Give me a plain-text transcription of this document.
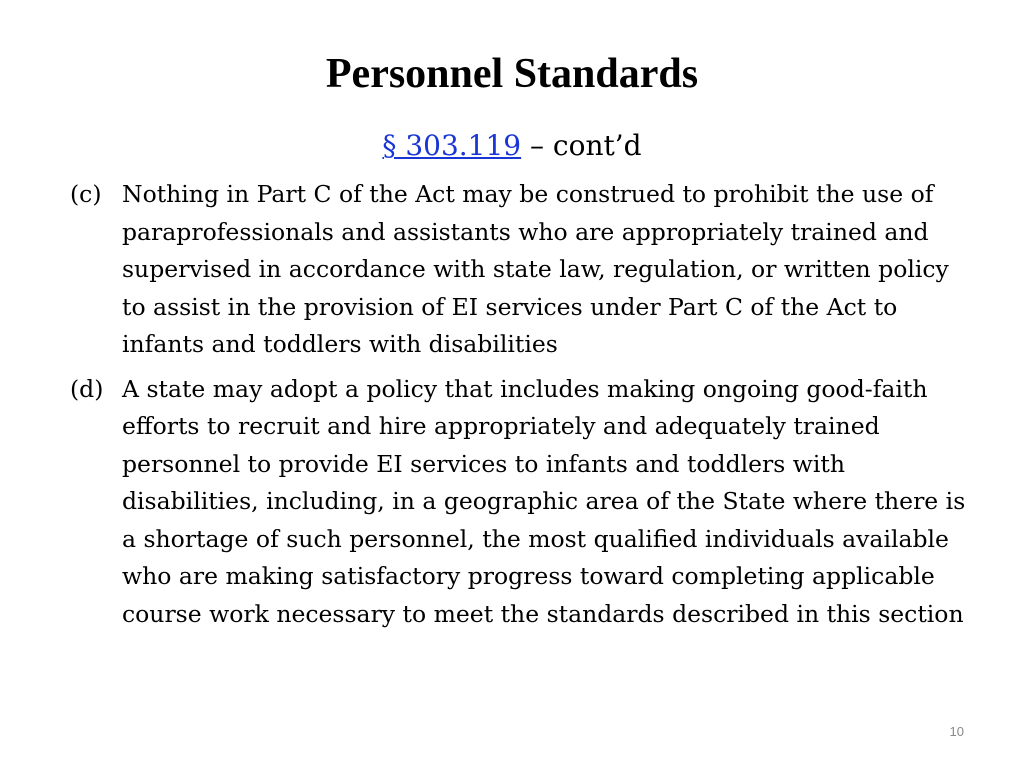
Personnel Standards
§ 303.119 – cont’d
(c) Nothing in Part C of the Act may be construed to prohibit the use of paraprofessionals and assistants who are appropriately trained and supervised in accordance with state law, regulation, or written policy to assist in the provision of EI services under Part C of the Act to infants and toddlers with disabilities
(d) A state may adopt a policy that includes making ongoing good-faith efforts to recruit and hire appropriately and adequately trained personnel to provide EI services to infants and toddlers with disabilities, including, in a geographic area of the State where there is a shortage of such personnel, the most qualified individuals available who are making satisfactory progress toward completing applicable course work necessary to meet the standards described in this section
10
